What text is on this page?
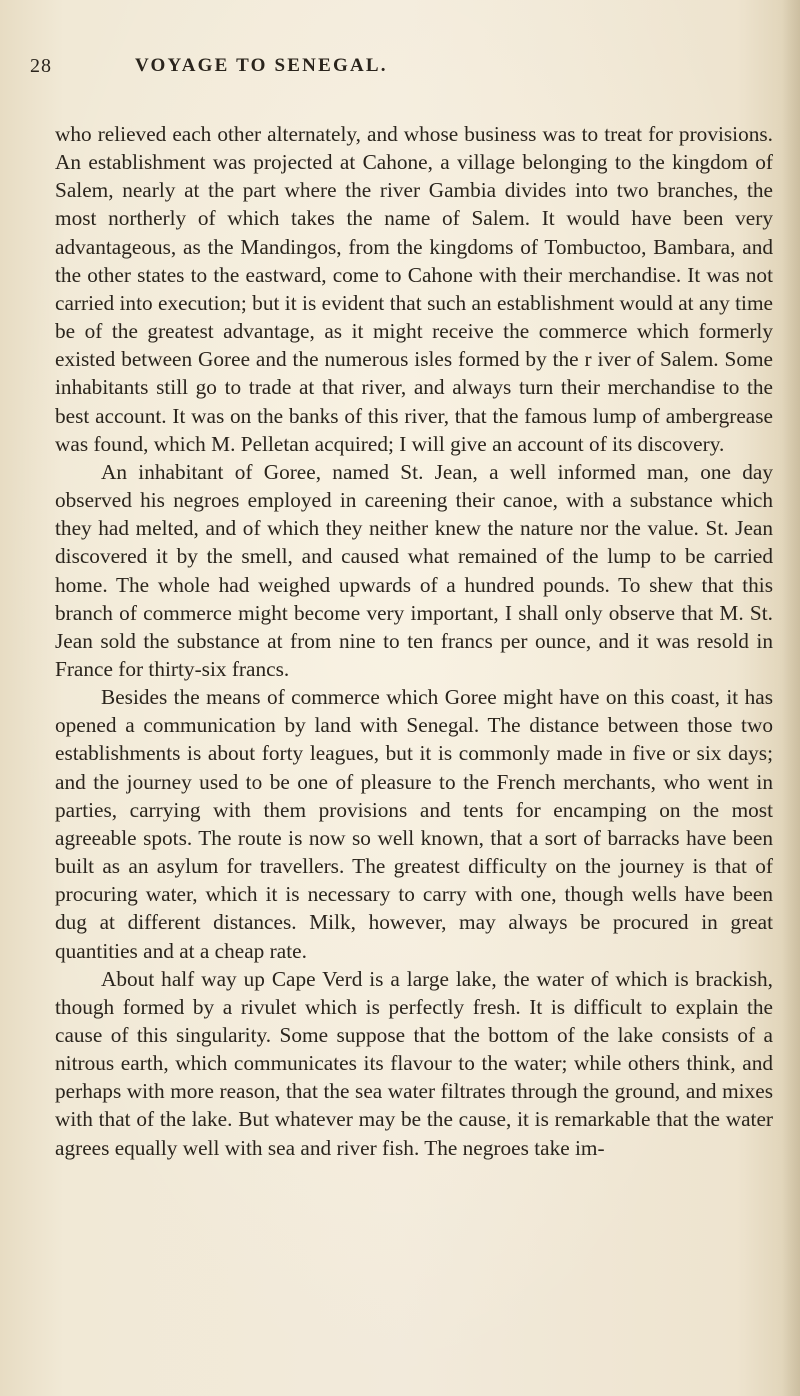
28	VOYAGE TO SENEGAL.

who relieved each other alternately, and whose business was to treat for provisions. An establishment was projected at Cahone, a village belonging to the kingdom of Salem, nearly at the part where the river Gambia divides into two branches, the most northerly of which takes the name of Salem. It would have been very advantageous, as the Mandingos, from the kingdoms of Tombuctoo, Bambara, and the other states to the eastward, come to Cahone with their merchandise. It was not carried into execution; but it is evident that such an establishment would at any time be of the greatest advantage, as it might receive the commerce which formerly existed between Goree and the numerous isles formed by the r iver of Salem. Some inhabitants still go to trade at that river, and always turn their merchandise to the best account. It was on the banks of this river, that the famous lump of ambergrease was found, which M. Pelletan acquired; I will give an account of its discovery.

An inhabitant of Goree, named St. Jean, a well informed man, one day observed his negroes employed in careening their canoe, with a substance which they had melted, and of which they neither knew the nature nor the value. St. Jean discovered it by the smell, and caused what remained of the lump to be carried home. The whole had weighed upwards of a hundred pounds. To shew that this branch of commerce might become very important, I shall only observe that M. St. Jean sold the substance at from nine to ten francs per ounce, and it was resold in France for thirty-six francs.

Besides the means of commerce which Goree might have on this coast, it has opened a communication by land with Senegal. The distance between those two establishments is about forty leagues, but it is commonly made in five or six days; and the journey used to be one of pleasure to the French merchants, who went in parties, carrying with them provisions and tents for encamping on the most agreeable spots. The route is now so well known, that a sort of barracks have been built as an asylum for travellers. The greatest difficulty on the journey is that of procuring water, which it is necessary to carry with one, though wells have been dug at different distances. Milk, however, may always be procured in great quantities and at a cheap rate.

About half way up Cape Verd is a large lake, the water of which is brackish, though formed by a rivulet which is perfectly fresh. It is difficult to explain the cause of this singularity. Some suppose that the bottom of the lake consists of a nitrous earth, which communicates its flavour to the water; while others think, and perhaps with more reason, that the sea water filtrates through the ground, and mixes with that of the lake. But whatever may be the cause, it is remarkable that the water agrees equally well with sea and river fish. The negroes take im-
